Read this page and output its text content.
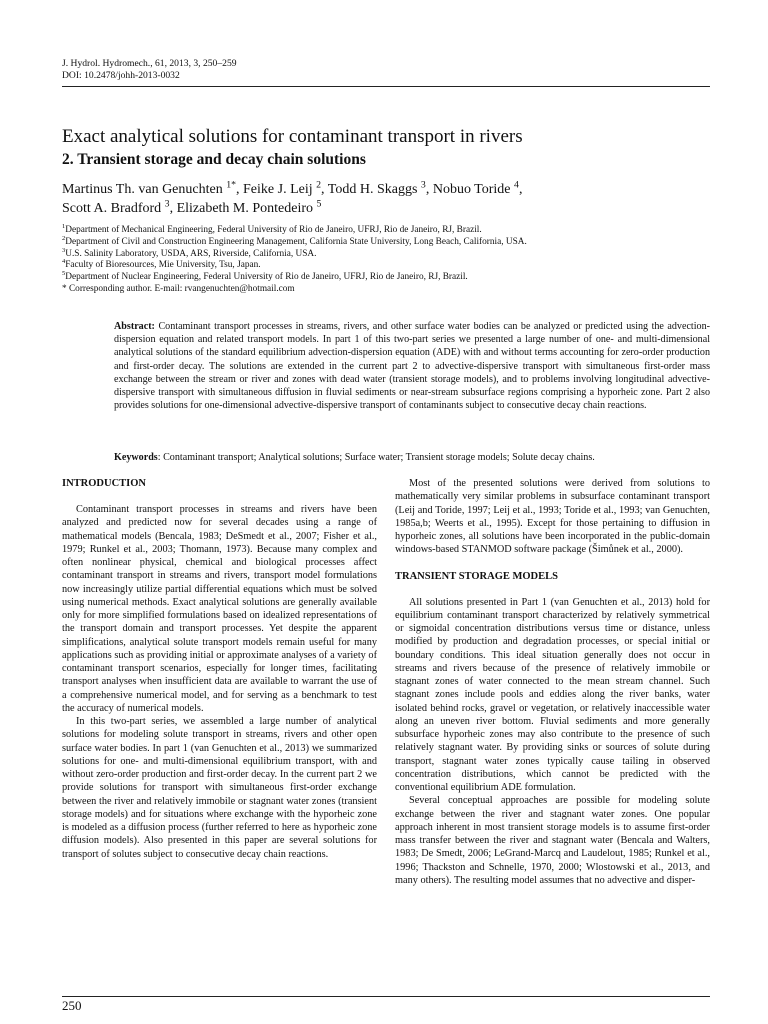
J. Hydrol. Hydromech., 61, 2013, 3, 250–259
DOI: 10.2478/johh-2013-0032
Exact analytical solutions for contaminant transport in rivers
2. Transient storage and decay chain solutions
Martinus Th. van Genuchten $^{1*}$, Feike J. Leij $^2$, Todd H. Skaggs $^3$, Nobuo Toride $^4$,
Scott A. Bradford $^3$, Elizabeth M. Pontedeiro $^5$
$^1$Department of Mechanical Engineering, Federal University of Rio de Janeiro, UFRJ, Rio de Janeiro, RJ, Brazil.
$^2$Department of Civil and Construction Engineering Management, California State University, Long Beach, California, USA.
$^3$U.S. Salinity Laboratory, USDA, ARS, Riverside, California, USA.
$^4$Faculty of Bioresources, Mie University, Tsu, Japan.
$^5$Department of Nuclear Engineering, Federal University of Rio de Janeiro, UFRJ, Rio de Janeiro, RJ, Brazil.
* Corresponding author. E-mail: rvangenuchten@hotmail.com
Abstract: Contaminant transport processes in streams, rivers, and other surface water bodies can be analyzed or predicted using the advection-dispersion equation and related transport models. In part 1 of this two-part series we presented a large number of one- and multi-dimensional analytical solutions of the standard equilibrium advection-dispersion equation (ADE) with and without terms accounting for zero-order production and first-order decay. The solutions are extended in the current part 2 to advective-dispersive transport with simultaneous first-order mass exchange between the stream or river and zones with dead water (transient storage models), and to problems involving longitudinal advective-dispersive transport with simultaneous diffusion in fluvial sediments or near-stream subsurface regions comprising a hyporheic zone. Part 2 also provides solutions for one-dimensional advective-dispersive transport of contaminants subject to consecutive decay chain reactions.
Keywords: Contaminant transport; Analytical solutions; Surface water; Transient storage models; Solute decay chains.
INTRODUCTION

Contaminant transport processes in streams and rivers have been analyzed and predicted now for several decades using a range of mathematical models (Bencala, 1983; DeSmedt et al., 2007; Fisher et al., 1979; Runkel et al., 2003; Thomann, 1973). Because many complex and often nonlinear physical, chemical and biological processes affect contaminant transport in streams and rivers, transport model formulations now increasingly utilize partial differential equations which must be solved using numerical methods. Exact analytical solutions are generally available only for more simplified formulations based on idealized representations of the transport domain and transport processes. Yet despite the apparent simplifications, analytical solute transport models remain useful for many applications such as providing initial or approximate analyses of a variety of contaminant transport scenarios, especially for longer times, facilitating transport analyses when insufficient data are available to warrant the use of a comprehensive numerical model, and for serving as a benchmark to test the accuracy of numerical models.

In this two-part series, we assembled a large number of analytical solutions for modeling solute transport in streams, rivers and other open surface water bodies. In part 1 (van Genuchten et al., 2013) we summarized solutions for one- and multi-dimensional equilibrium transport, with and without zero-order production and first-order decay. In the current part 2 we provide solutions for transport with simultaneous first-order exchange between the river and relatively immobile or stagnant water zones (transient storage models) and for situations where exchange with the hyporheic zone is modeled as a diffusion process (further referred to here as hyporheic zone diffusion models). Also presented in this paper are several solutions for transport of solutes subject to consecutive decay chain reactions.

Most of the presented solutions were derived from solutions to mathematically very similar problems in subsurface contaminant transport (Leij and Toride, 1997; Leij et al., 1993; Toride et al., 1993; van Genuchten, 1985a,b; Weerts et al., 1995). Except for those pertaining to diffusion in hyporheic zones, all solutions have been incorporated in the public-domain windows-based STANMOD software package (Šimůnek et al., 2000).

TRANSIENT STORAGE MODELS

All solutions presented in Part 1 (van Genuchten et al., 2013) hold for equilibrium contaminant transport characterized by relatively symmetrical or sigmoidal concentration distributions versus time or distance, unless modified by production and degradation processes, or special initial or boundary conditions. This ideal situation generally does not occur in streams and rivers because of the presence of relatively immobile or stagnant zones of water connected to the mean stream channel. Such stagnant zones include pools and eddies along the river banks, water isolated behind rocks, gravel or vegetation, or relatively inaccessible water along an uneven river bottom. Fluvial sediments and more generally subsurface hyporheic zones may also contribute to the presence of such relatively stagnant water. By providing sinks or sources of solute during transport, stagnant water zones typically cause tailing in observed concentration distributions, which cannot be predicted with the conventional equilibrium ADE formulation.

Several conceptual approaches are possible for modeling solute exchange between the river and stagnant water zones. One popular approach inherent in most transient storage models is to assume first-order mass transfer between the river and stagnant water (Bencala and Walters, 1983; De Smedt, 2006; LeGrand-Marcq and Laudelout, 1985; Runkel et al., 1996; Thackston and Schnelle, 1970, 2000; Wlostowski et al., 2013, and many others). The resulting model assumes that no advective and disper-

250
